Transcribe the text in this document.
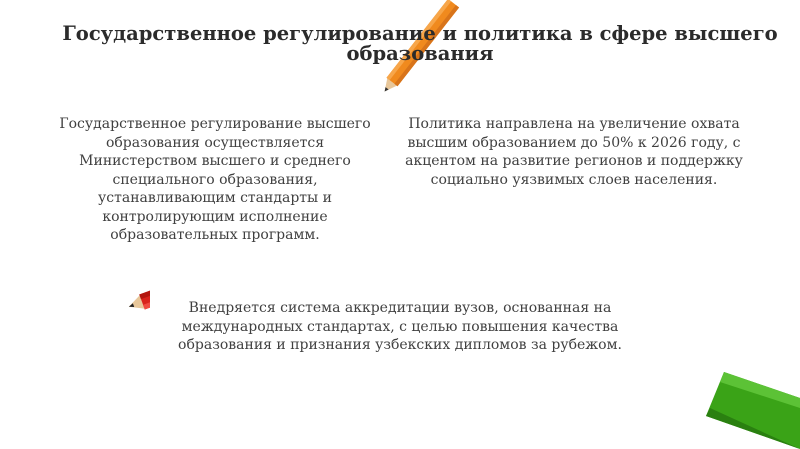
Государственное регулирование и политика в сфере высшего образования
Государственное регулирование высшего образования осуществляется Министерством высшего и среднего специального образования, устанавливающим стандарты и контролирующим исполнение образовательных программ.
Политика направлена на увеличение охвата высшим образованием до 50% к 2026 году, с акцентом на развитие регионов и поддержку социально уязвимых слоев населения.
Внедряется система аккредитации вузов, основанная на международных стандартах, с целью повышения качества образования и признания узбекских дипломов за рубежом.
